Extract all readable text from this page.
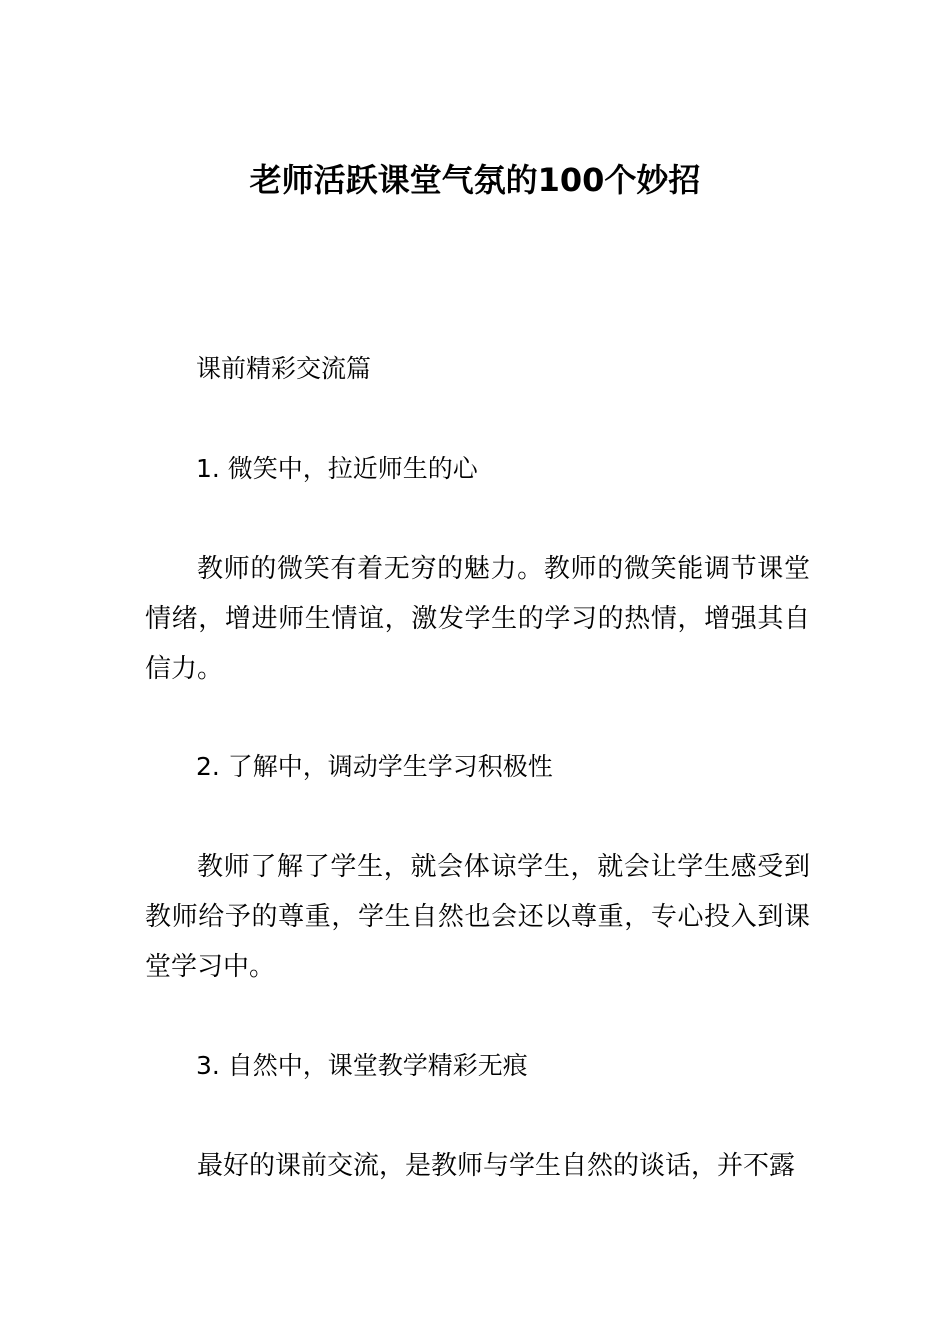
老师活跃课堂气氛的100个妙招

课前精彩交流篇

1. 微笑中，拉近师生的心

教师的微笑有着无穷的魅力。教师的微笑能调节课堂情绪，增进师生情谊，激发学生的学习的热情，增强其自信力。

2. 了解中，调动学生学习积极性

教师了解了学生，就会体谅学生，就会让学生感受到教师给予的尊重，学生自然也会还以尊重，专心投入到课堂学习中。

3. 自然中，课堂教学精彩无痕

最好的课前交流，是教师与学生自然的谈话，并不露
